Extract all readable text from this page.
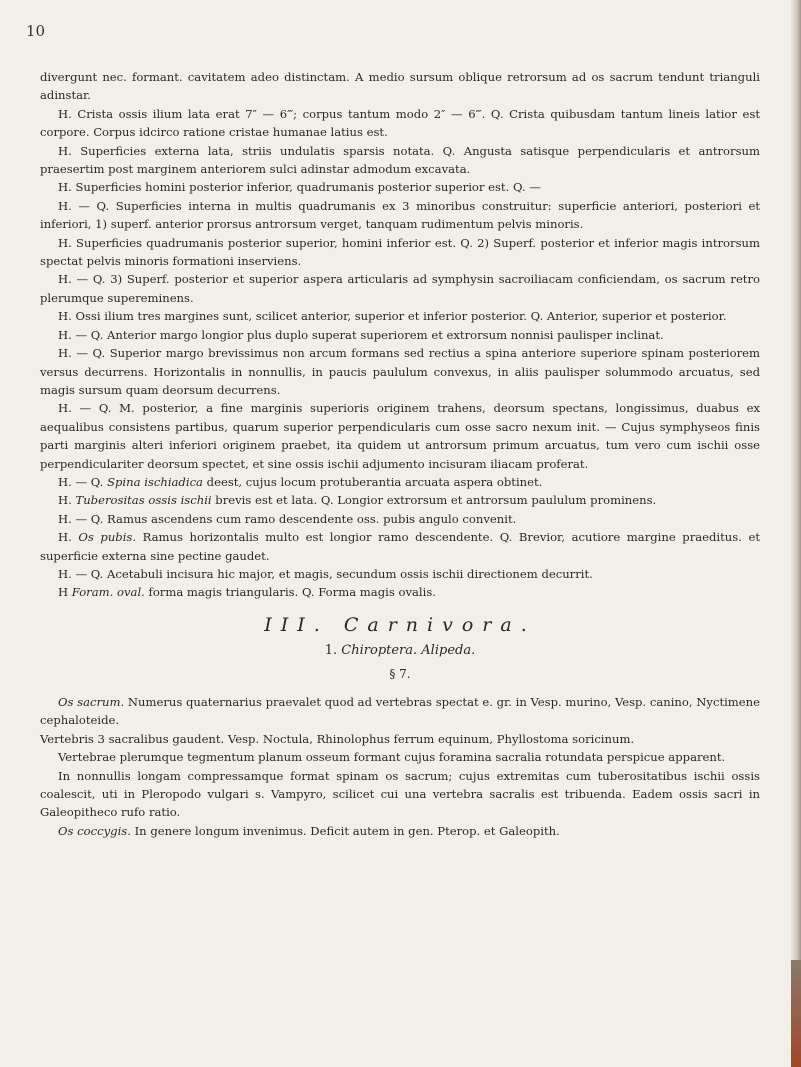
10

divergunt nec. formant. cavitatem adeo distinctam. A medio sursum oblique retrorsum ad os sacrum tendunt trianguli adinstar.

H. Crista ossis ilium lata erat 7″ — 6‴; corpus tantum modo 2″ — 6‴. Q. Crista quibusdam tantum lineis latior est corpore. Corpus idcirco ratione cristae humanae latius est.

H. Superficies externa lata, striis undulatis sparsis notata. Q. Angusta satisque perpendicularis et antrorsum praesertim post marginem anteriorem sulci adinstar admodum excavata.

H. Superficies homini posterior inferior, quadrumanis posterior superior est. Q. —

H. — Q. Superficies interna in multis quadrumanis ex 3 minoribus construitur: superficie anteriori, posteriori et inferiori, 1) superf. anterior prorsus antrorsum verget, tanquam rudimentum pelvis minoris.

H. Superficies quadrumanis posterior superior, homini inferior est. Q. 2) Superf. posterior et inferior magis introrsum spectat pelvis minoris formationi inserviens.

H. — Q. 3) Superf. posterior et superior aspera articularis ad symphysin sacroiliacam conficiendam, os sacrum retro plerumque supereminens.

H. Ossi ilium tres margines sunt, scilicet anterior, superior et inferior posterior. Q. Anterior, superior et posterior.

H. — Q. Anterior margo longior plus duplo superat superiorem et extrorsum nonnisi paulisper inclinat.

H. — Q. Superior margo brevissimus non arcum formans sed rectius a spina anteriore superiore spinam posteriorem versus decurrens. Horizontalis in nonnullis, in paucis paululum convexus, in aliis paulisper solummodo arcuatus, sed magis sursum quam deorsum decurrens.

H. — Q. M. posterior, a fine marginis superioris originem trahens, deorsum spectans, longissimus, duabus ex aequalibus consistens partibus, quarum superior perpendicularis cum osse sacro nexum init. — Cujus symphyseos finis parti marginis alteri inferiori originem praebet, ita quidem ut antrorsum primum arcuatus, tum vero cum ischii osse perpendiculariter deorsum spectet, et sine ossis ischii adjumento incisuram iliacam proferat.

H. — Q. Spina ischiadica deest, cujus locum protuberantia arcuata aspera obtinet.

H. Tuberositas ossis ischii brevis est et lata. Q. Longior extrorsum et antrorsum paululum prominens.

H. — Q. Ramus ascendens cum ramo descendente oss. pubis angulo convenit.

H. Os pubis. Ramus horizontalis multo est longior ramo descendente. Q. Brevior, acutiore margine praeditus. et superficie externa sine pectine gaudet.

H. — Q. Acetabuli incisura hic major, et magis, secundum ossis ischii directionem decurrit.

H Foram. oval. forma magis triangularis. Q. Forma magis ovalis.

III. Carnivora.
1. Chiroptera. Alipeda.
§ 7.

Os sacrum. Numerus quaternarius praevalet quod ad vertebras spectat e. gr. in Vesp. murino, Vesp. canino, Nyctimene cephaloteide.

Vertebris 3 sacralibus gaudent. Vesp. Noctula, Rhinolophus ferrum equinum, Phyllostoma soricinum.

Vertebrae plerumque tegmentum planum osseum formant cujus foramina sacralia rotundata perspicue apparent.

In nonnullis longam compressamque format spinam os sacrum; cujus extremitas cum tuberositatibus ischii ossis coalescit, uti in Pleropodo vulgari s. Vampyro, scilicet cui una vertebra sacralis est tribuenda. Eadem ossis sacri in Galeopitheco rufo ratio.

Os coccygis. In genere longum invenimus. Deficit autem in gen. Pterop. et Galeopith.
